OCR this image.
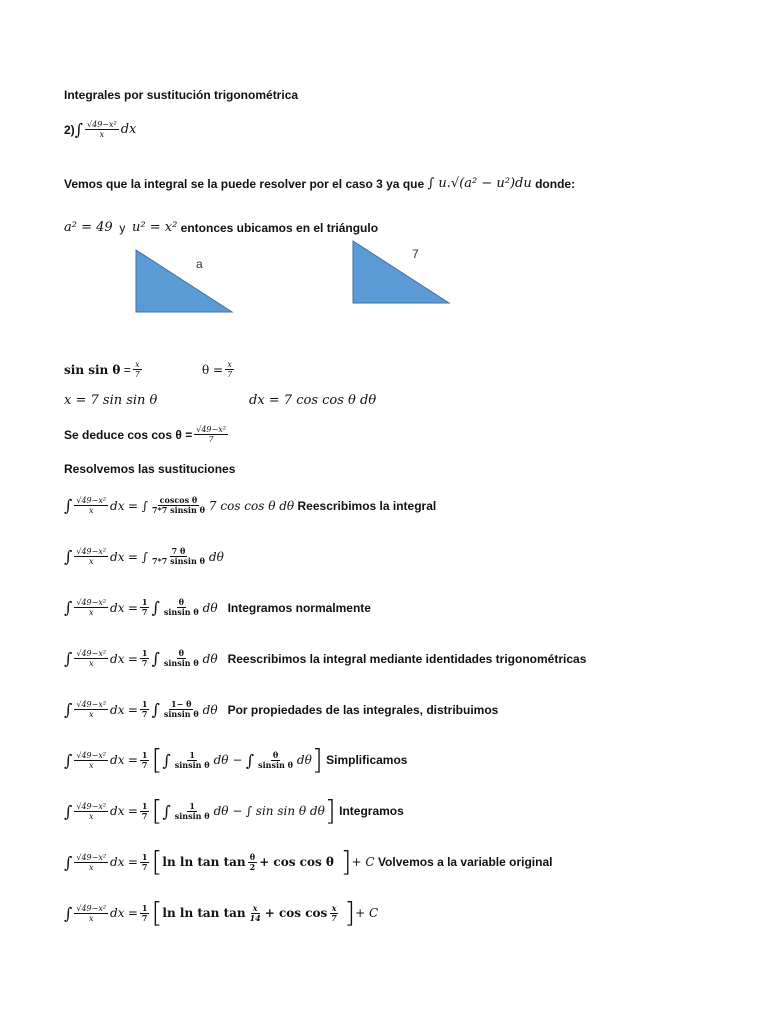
Integrales por sustitución trigonométrica
2) ∫ $\frac{\text{√49−x²}}{x}$ dx
Vemos que la integral se la puede resolver por el caso 3 ya que
∫ u.√(a² − u²)du
donde:
a² = 49
y
u² = x²
entonces ubicamos en el triángulo
a
7
sin sin θ
= $\frac{x}{7}$	$\theta = \frac{x}{7}$
x = 7 sin sin θ	dx = 7 cos cos θ dθ
Se deduce $\cos \cos \theta = \frac{\text{√49−x²}}{7}$
Resolvemos las sustituciones
∫ $\frac{\text{√49−x²}}{x}$ dx
= ∫ $\frac{\text{coscos θ}}{\text{7*7 sinsin θ}} 7$ cos cos θ dθ
Reescribimos la integral
∫ $\frac{\text{√49−x²}}{x}$ dx
= ∫ $\frac{7 \theta}{\text{7*7 sinsin θ}}$ dθ
∫ $\frac{\text{√49−x²}}{x}$ dx
= $\frac{1}{7}$ ∫ $\frac{\theta}{\text{sinsin θ}}$ dθ
Integramos normalmente
∫ $\frac{\text{√49−x²}}{x}$ dx
= $\frac{1}{7}$ ∫ $\frac{\theta}{\text{sinsin θ}}$ dθ
Reescribimos la integral mediante identidades trigonométricas
∫ $\frac{\text{√49−x²}}{x}$ dx
= $\frac{1}{7}$ ∫ $\frac{1- \theta}{\text{sinsin θ}}$ dθ
Por propiedades de las integrales, distribuimos
∫ $\frac{\text{√49−x²}}{x}$ dx
= $\frac{1}{7}$ [ ∫ $\frac{1}{\text{sinsin θ}}$ dθ −
∫ $\frac{\theta}{\text{sinsin θ}}$ dθ ]
Simplificamos
∫ $\frac{\text{√49−x²}}{x}$ dx
= $\frac{1}{7}$ [ ∫ $\frac{1}{\text{sinsin θ}}$ dθ −
∫ sin sin θ dθ ]
Integramos
∫ $\frac{\text{√49−x²}}{x}$ dx
= $\frac{1}{7}$ [ $\ln \ln \tan \tan \frac{\theta}{2} + \cos \cos \theta$
] + C
Volvemos a la variable original
∫ $\frac{\text{√49−x²}}{x}$ dx
= $\frac{1}{7}$ [ $\ln \ln \tan \tan \frac{x}{14} + \cos \cos \frac{x}{7}$
] + C
